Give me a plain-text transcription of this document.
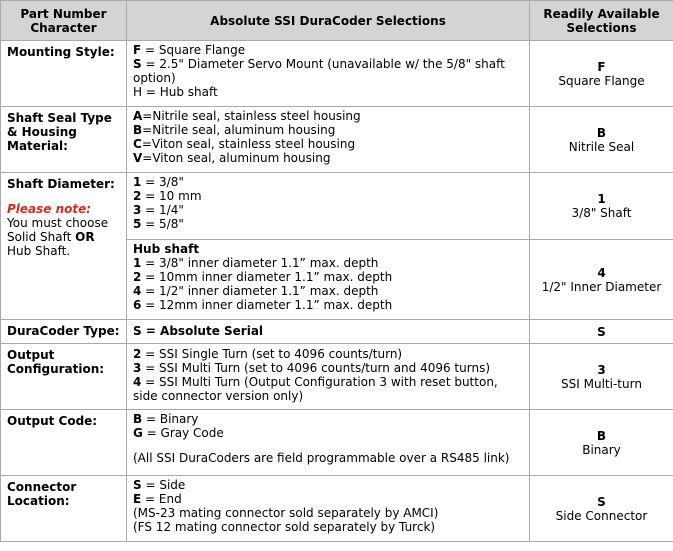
Part Number Character	Absolute SSI DuraCoder Selections	Readily Available Selections
Mounting Style:	F = Square Flange
S = 2.5" Diameter Servo Mount (unavailable w/ the 5/8" shaft option)
H = Hub shaft	F
Square Flange

Shaft Seal Type & Housing Material:	A=Nitrile seal, stainless steel housing
B=Nitrile seal, aluminum housing
C=Viton seal, stainless steel housing
V=Viton seal, aluminum housing	B
Nitrile Seal

Shaft Diameter:
Please note:
You must choose Solid Shaft OR Hub Shaft.	1 = 3/8"
2 = 10 mm
3 = 1/4"
5 = 5/8"	1
3/8" Shaft

	Hub shaft
1 = 3/8" inner diameter 1.1” max. depth
2 = 10mm inner diameter 1.1” max. depth
4 = 1/2" inner diameter 1.1” max. depth
6 = 12mm inner diameter 1.1” max. depth	4
1/2" Inner Diameter

DuraCoder Type:	S = Absolute Serial	S

Output Configuration:	2 = SSI Single Turn (set to 4096 counts/turn)
3 = SSI Multi Turn (set to 4096 counts/turn and 4096 turns)
4 = SSI Multi Turn (Output Configuration 3 with reset button, side connector version only)	3
SSI Multi-turn

Output Code:	B = Binary
G = Gray Code
(All SSI DuraCoders are field programmable over a RS485 link)	B
Binary

Connector Location:	S = Side
E = End
(MS-23 mating connector sold separately by AMCI)
(FS 12 mating connector sold separately by Turck)	S
Side Connector
